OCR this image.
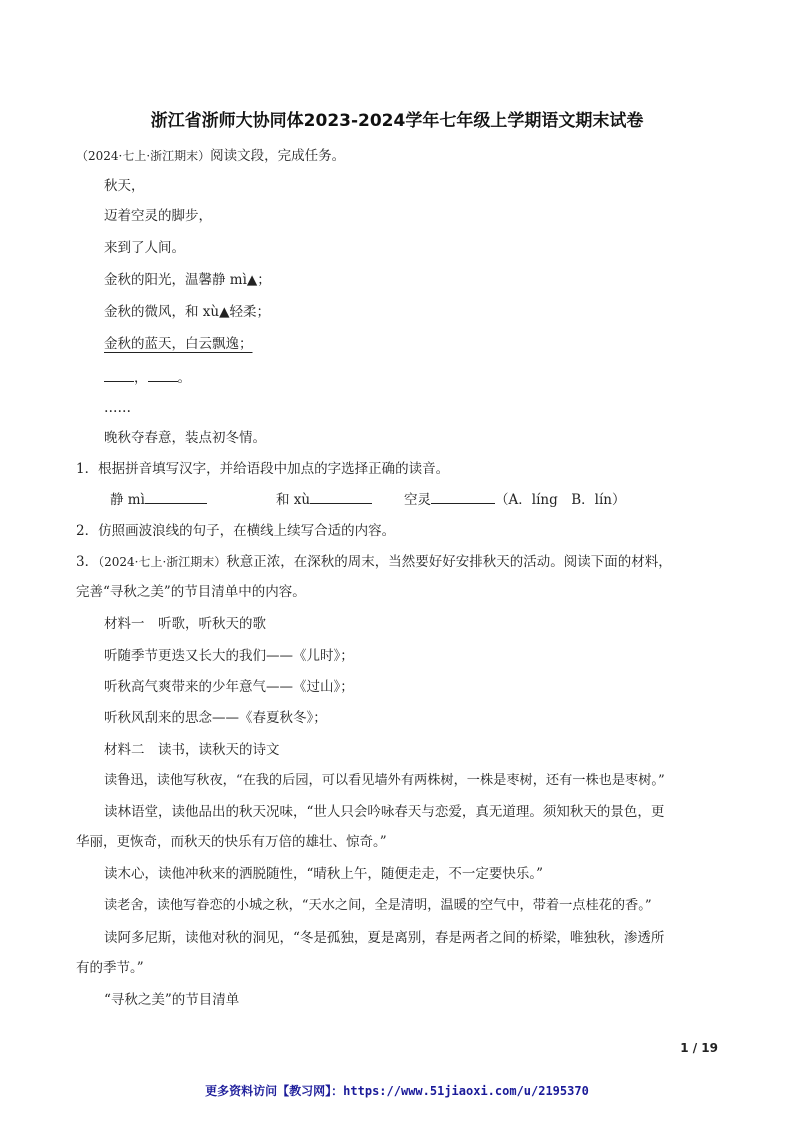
浙江省浙师大协同体2023-2024学年七年级上学期语文期末试卷
（2024·七上·浙江期末）阅读文段，完成任务。
秋天，
迈着空灵的脚步，
来到了人间。
金秋的阳光，温馨静 mì▲；
金秋的微风，和 xù▲轻柔；
金秋的蓝天，白云飘逸；
， 。
……
晚秋夺春意，装点初冬情。
1．根据拼音填写汉字，并给语段中加点的字选择正确的读音。
静 mì	和 xù	空灵	（A．líng　B．lín）
2．仿照画波浪线的句子，在横线上续写合适的内容。
3．（2024·七上·浙江期末）秋意正浓，在深秋的周末，当然要好好安排秋天的活动。阅读下面的材料，
完善“寻秋之美”的节目清单中的内容。
材料一　听歌，听秋天的歌
听随季节更迭又长大的我们——《儿时》；
听秋高气爽带来的少年意气——《过山》；
听秋风刮来的思念——《春夏秋冬》；
材料二　读书，读秋天的诗文
读鲁迅，读他写秋夜，“在我的后园，可以看见墙外有两株树，一株是枣树，还有一株也是枣树。”
读林语堂，读他品出的秋天况味，“世人只会吟咏春天与恋爱，真无道理。须知秋天的景色，更
华丽，更恢奇，而秋天的快乐有万倍的雄壮、惊奇。”
读木心，读他冲秋来的洒脱随性，“晴秋上午，随便走走，不一定要快乐。”
读老舍，读他写眷恋的小城之秋，“天水之间，全是清明，温暖的空气中，带着一点桂花的香。”
读阿多尼斯，读他对秋的洞见，“冬是孤独，夏是离别，春是两者之间的桥梁，唯独秋，渗透所
有的季节。”
“寻秋之美”的节目清单
1 / 19
更多资料访问【教习网】：https://www.51jiaoxi.com/u/2195370
